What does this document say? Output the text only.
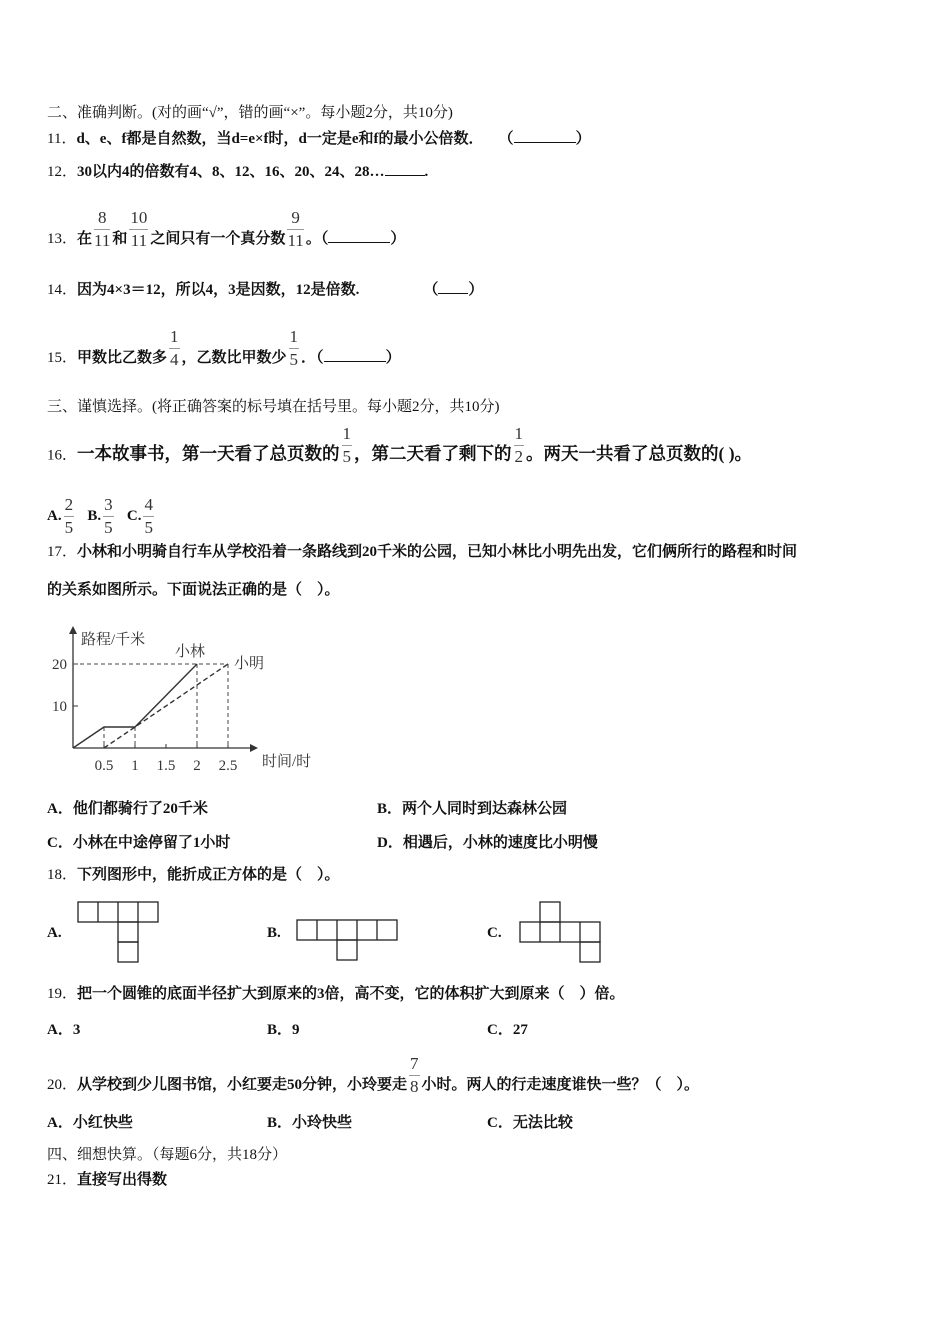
二、准确判断。(对的画“√”，错的画“×”。每小题2分，共10分)
11．d、e、f都是自然数，当d=e×f时，d一定是e和f的最小公倍数． （	）
12．30以内4的倍数有4、8、12、16、20、24、28…	.
13．在 $\frac{8}{11}$ 和 $\frac{10}{11}$ 之间只有一个真分数 $\frac{9}{11}$ 。（	）
14．因为4×3＝12，所以4，3是因数，12是倍数.	（ ）
15．甲数比乙数多 $\frac{1}{4}$ ，乙数比甲数少 $\frac{1}{5}$ ．（	）
三、谨慎选择。(将正确答案的标号填在括号里。每小题2分，共10分)
16．一本故事书，第一天看了总页数的 $\frac{1}{5}$ ，第二天看了剩下的 $\frac{1}{2}$ 。两天一共看了总页数的( )。
A. $\frac{2}{5} B$. $\frac{3}{5} C$. $\frac{4}{5}$
17．小林和小明骑自行车从学校沿着一条路线到20千米的公园，已知小林比小明先出发，它们俩所行的路程和时间
的关系如图所示。下面说法正确的是（　）。
路程/千米
时间/时
0.5 1 1.5 2 2.5
10
20
小林
小明
A．他们都骑行了20千米	B．两个人同时到达森林公园
C．小林在中途停留了1小时	D．相遇后，小林的速度比小明慢
18．下列图形中，能折成正方体的是（　）。
A.	B.	C.
19．把一个圆锥的底面半径扩大到原来的3倍，高不变，它的体积扩大到原来（　）倍。
A．3	B．9	C．27
20．从学校到少儿图书馆，小红要走50分钟，小玲要走 $\frac{7}{8}$ 小时。两人的行走速度谁快一些？（　）。
A．小红快些	B．小玲快些	C．无法比较
四、细想快算。（每题6分，共18分）
21．直接写出得数
